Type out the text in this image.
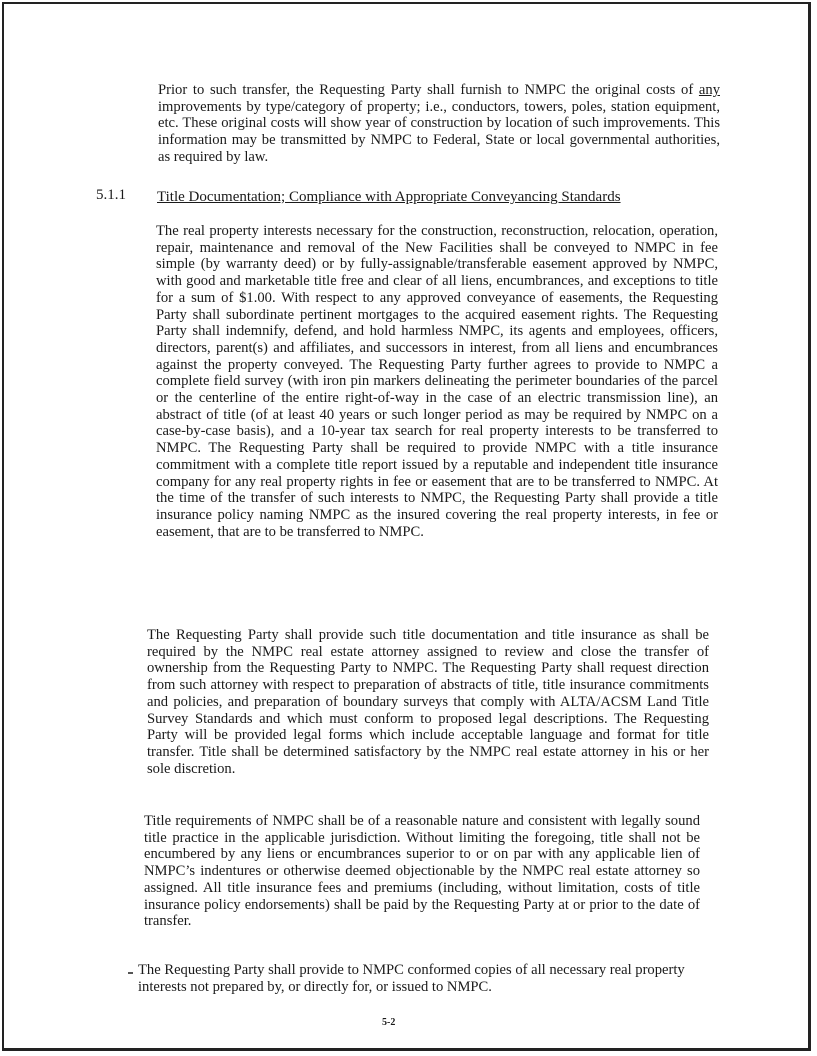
Prior to such transfer, the Requesting Party shall furnish to NMPC the original costs of any improvements by type/category of property; i.e., conductors, towers, poles, station equipment, etc. These original costs will show year of construction by location of such improvements. This information may be transmitted by NMPC to Federal, State or local governmental authorities, as required by law.

5.1.1 Title Documentation; Compliance with Appropriate Conveyancing Standards

The real property interests necessary for the construction, reconstruction, relocation, operation, repair, maintenance and removal of the New Facilities shall be conveyed to NMPC in fee simple (by warranty deed) or by fully-assignable/transferable easement approved by NMPC, with good and marketable title free and clear of all liens, encumbrances, and exceptions to title for a sum of $1.00. With respect to any approved conveyance of easements, the Requesting Party shall subordinate pertinent mortgages to the acquired easement rights. The Requesting Party shall indemnify, defend, and hold harmless NMPC, its agents and employees, officers, directors, parent(s) and affiliates, and successors in interest, from all liens and encumbrances against the property conveyed. The Requesting Party further agrees to provide to NMPC a complete field survey (with iron pin markers delineating the perimeter boundaries of the parcel or the centerline of the entire right-of-way in the case of an electric transmission line), an abstract of title (of at least 40 years or such longer period as may be required by NMPC on a case-by-case basis), and a 10-year tax search for real property interests to be transferred to NMPC. The Requesting Party shall be required to provide NMPC with a title insurance commitment with a complete title report issued by a reputable and independent title insurance company for any real property rights in fee or easement that are to be transferred to NMPC. At the time of the transfer of such interests to NMPC, the Requesting Party shall provide a title insurance policy naming NMPC as the insured covering the real property interests, in fee or easement, that are to be transferred to NMPC.

The Requesting Party shall provide such title documentation and title insurance as shall be required by the NMPC real estate attorney assigned to review and close the transfer of ownership from the Requesting Party to NMPC. The Requesting Party shall request direction from such attorney with respect to preparation of abstracts of title, title insurance commitments and policies, and preparation of boundary surveys that comply with ALTA/ACSM Land Title Survey Standards and which must conform to proposed legal descriptions. The Requesting Party will be provided legal forms which include acceptable language and format for title transfer. Title shall be determined satisfactory by the NMPC real estate attorney in his or her sole discretion.

Title requirements of NMPC shall be of a reasonable nature and consistent with legally sound title practice in the applicable jurisdiction. Without limiting the foregoing, title shall not be encumbered by any liens or encumbrances superior to or on par with any applicable lien of NMPC’s indentures or otherwise deemed objectionable by the NMPC real estate attorney so assigned. All title insurance fees and premiums (including, without limitation, costs of title insurance policy endorsements) shall be paid by the Requesting Party at or prior to the date of transfer.

The Requesting Party shall provide to NMPC conformed copies of all necessary real property interests not prepared by, or directly for, or issued to NMPC.

5-2
